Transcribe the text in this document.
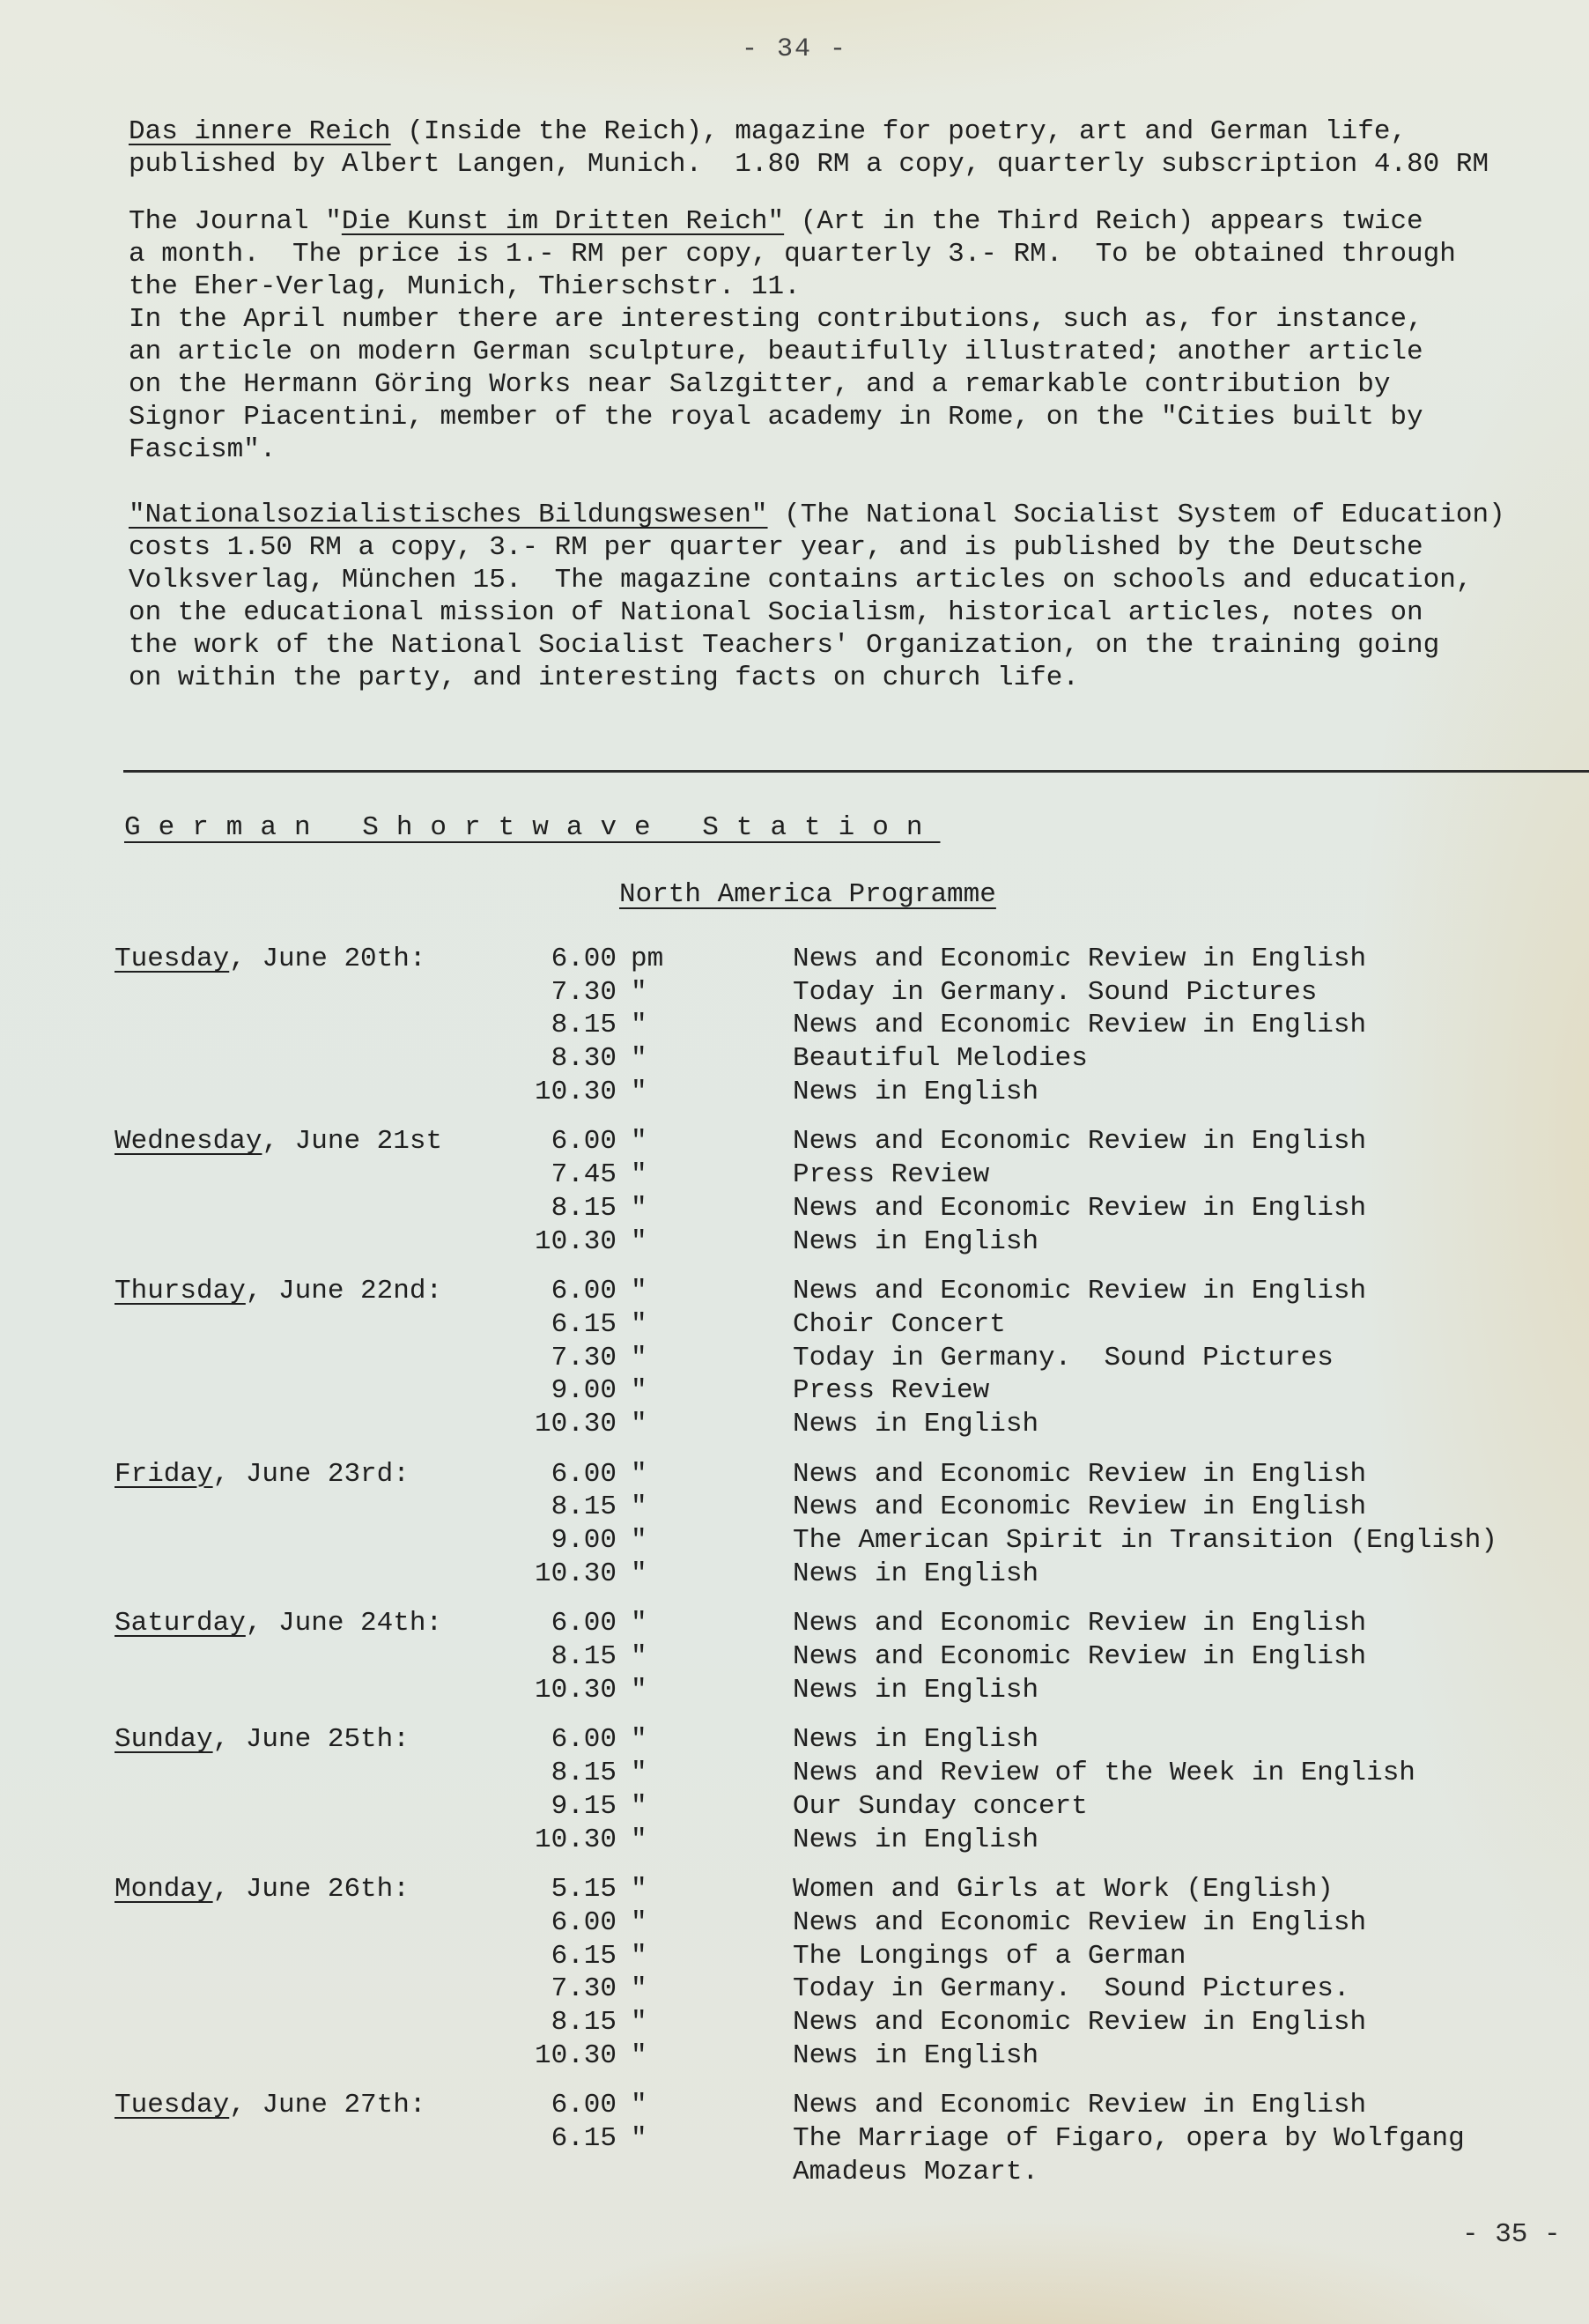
- 34 -
Das innere Reich (Inside the Reich), magazine for poetry, art and German life,
published by Albert Langen, Munich.  1.80 RM a copy, quarterly subscription 4.80 RM
The Journal "Die Kunst im Dritten Reich" (Art in the Third Reich) appears twice
a month.  The price is 1.- RM per copy, quarterly 3.- RM.  To be obtained through
the Eher-Verlag, Munich, Thierschstr. 11.
In the April number there are interesting contributions, such as, for instance,
an article on modern German sculpture, beautifully illustrated; another article
on the Hermann Göring Works near Salzgitter, and a remarkable contribution by
Signor Piacentini, member of the royal academy in Rome, on the "Cities built by
Fascism".
"Nationalsozialistisches Bildungswesen" (The National Socialist System of Education)
costs 1.50 RM a copy, 3.- RM per quarter year, and is published by the Deutsche
Volksverlag, München 15.  The magazine contains articles on schools and education,
on the educational mission of National Socialism, historical articles, notes on
the work of the National Socialist Teachers' Organization, on the training going
on within the party, and interesting facts on church life.
German Shortwave Station
North America Programme
Tuesday, June 20th:	6.00 pm	News and Economic Review in English
7.30 "	Today in Germany. Sound Pictures
8.15 "	News and Economic Review in English
8.30 "	Beautiful Melodies
10.30 "	News in English
Wednesday, June 21st	6.00 "	News and Economic Review in English
7.45 "	Press Review
8.15 "	News and Economic Review in English
10.30 "	News in English
Thursday, June 22nd:	6.00 "	News and Economic Review in English
6.15 "	Choir Concert
7.30 "	Today in Germany.  Sound Pictures
9.00 "	Press Review
10.30 "	News in English
Friday, June 23rd:	6.00 "	News and Economic Review in English
8.15 "	News and Economic Review in English
9.00 "	The American Spirit in Transition (English)
10.30 "	News in English
Saturday, June 24th:	6.00 "	News and Economic Review in English
8.15 "	News and Economic Review in English
10.30 "	News in English
Sunday, June 25th:	6.00 "	News in English
8.15 "	News and Review of the Week in English
9.15 "	Our Sunday concert
10.30 "	News in English
Monday, June 26th:	5.15 "	Women and Girls at Work (English)
6.00 "	News and Economic Review in English
6.15 "	The Longings of a German
7.30 "	Today in Germany.  Sound Pictures.
8.15 "	News and Economic Review in English
10.30 "	News in English
Tuesday, June 27th:	6.00 "	News and Economic Review in English
6.15 "	The Marriage of Figaro, opera by Wolfgang
Amadeus Mozart.
- 35 -
